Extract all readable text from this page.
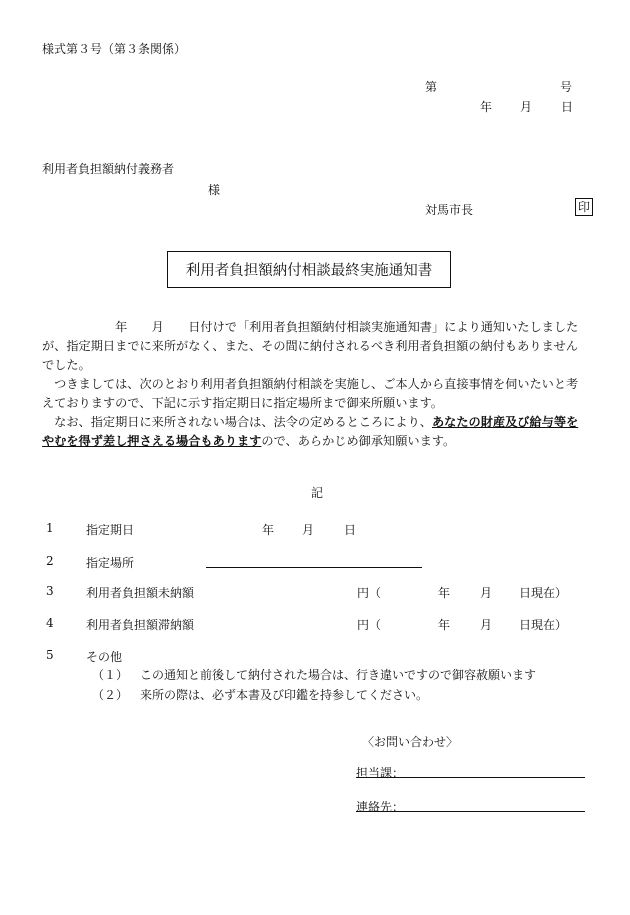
様式第３号（第３条関係）
第	号
年 月 日
利用者負担額納付義務者
様
対馬市長	印
利用者負担額納付相談最終実施通知書

　　　　　　年　　月　　日付けで「利用者負担額納付相談実施通知書」により通知いたしましたが、指定期日までに来所がなく、また、その間に納付されるべき利用者負担額の納付もありませんでした。

　つきましては、次のとおり利用者負担額納付相談を実施し、ご本人から直接事情を伺いたいと考えておりますので、下記に示す指定期日に指定場所まで御来所願います。

　なお、指定期日に来所されない場合は、法令の定めるところにより、あなたの財産及び給与等をやむを得ず差し押さえる場合もありますので、あらかじめ御承知願います。

記
1	指定期日	年 月 日
2	指定場所
3	利用者負担額未納額	円（	年 月 日現在）
4	利用者負担額滞納額	円（	年 月 日現在）
5	その他
（１） この通知と前後して納付された場合は、行き違いですので御容赦願います
（２） 来所の際は、必ず本書及び印鑑を持参してください。
〈お問い合わせ〉
担当課：
連絡先：
